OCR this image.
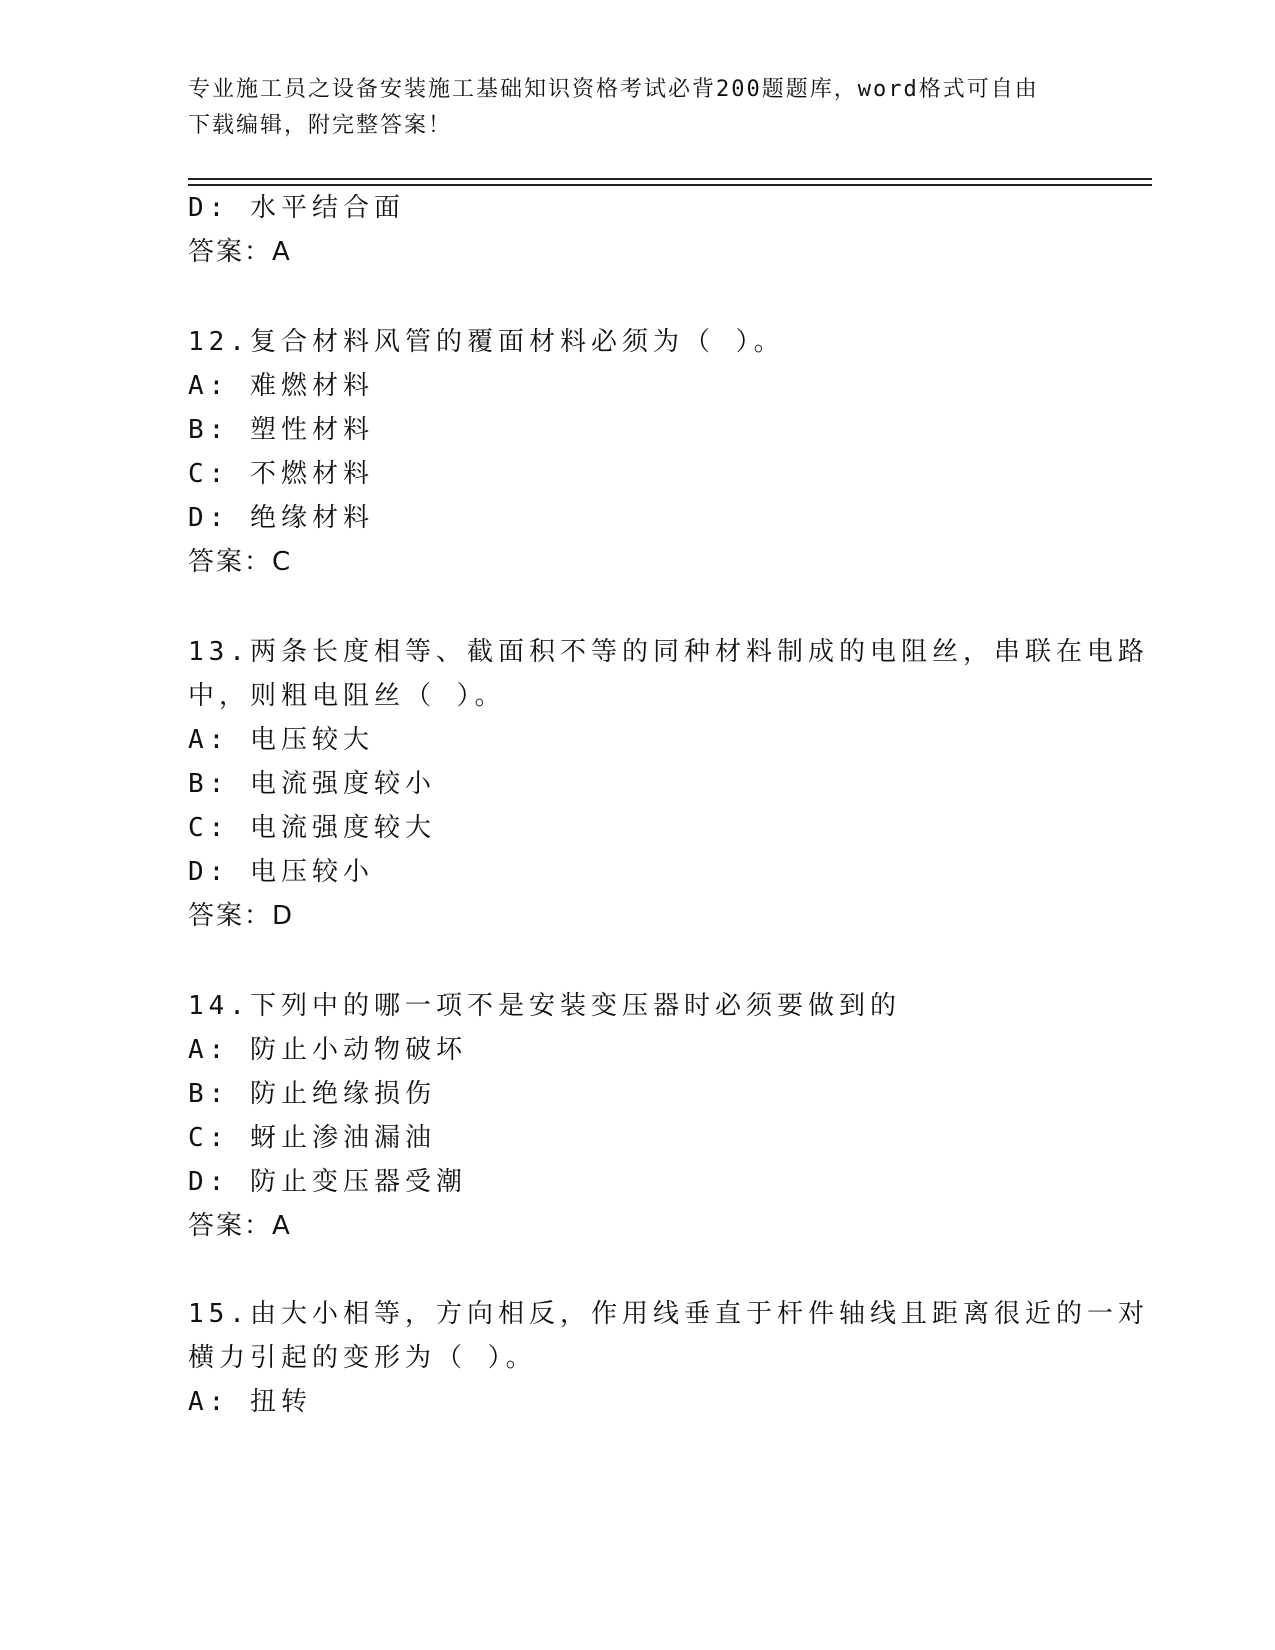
专业施工员之设备安装施工基础知识资格考试必背200题题库，word格式可自由
下载编辑，附完整答案！
D: 水平结合面
答案：A
12.复合材料风管的覆面材料必须为（ ）。
A: 难燃材料
B: 塑性材料
C: 不燃材料
D: 绝缘材料
答案：C
13.两条长度相等、截面积不等的同种材料制成的电阻丝，串联在电路
中，则粗电阻丝（ ）。
A: 电压较大
B: 电流强度较小
C: 电流强度较大
D: 电压较小
答案：D
14.下列中的哪一项不是安装变压器时必须要做到的
A: 防止小动物破坏
B: 防止绝缘损伤
C: 蚜止渗油漏油
D: 防止变压器受潮
答案：A
15.由大小相等，方向相反，作用线垂直于杆件轴线且距离很近的一对
横力引起的变形为（ ）。
A: 扭转
